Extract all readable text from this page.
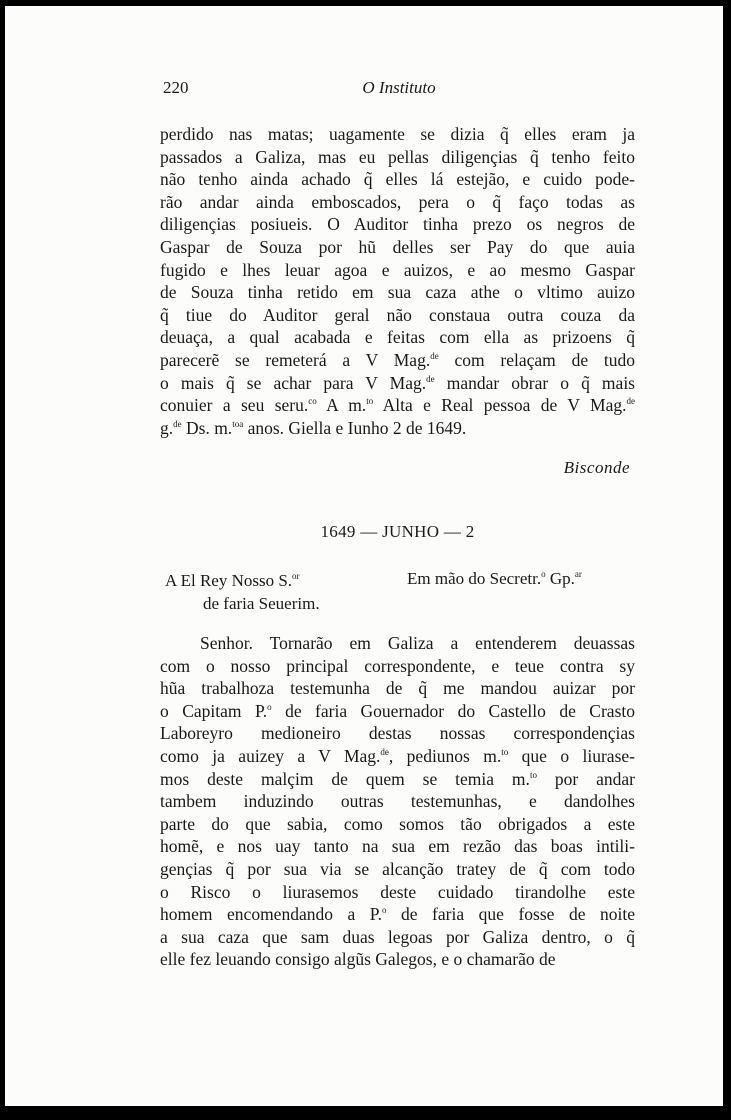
220	O Instituto
perdido nas matas; uagamente se dizia q̃ elles eram ja
passados a Galiza, mas eu pellas diligençias q̃ tenho feito
não tenho ainda achado q̃ elles lá estejão, e cuido pode-
rão andar ainda emboscados, pera o q̃ faço todas as
diligençias posiueis. O Auditor tinha prezo os negros de
Gaspar de Souza por hũ delles ser Pay do que auia
fugido e lhes leuar agoa e auizos, e ao mesmo Gaspar
de Souza tinha retido em sua caza athe o vltimo auizo
q̃ tiue do Auditor geral não constaua outra couza da
deuaça, a qual acabada e feitas com ella as prizoens q̃
parecerẽ se remeterá a V Mag.$^{de}$ com relaçam de tudo
o mais q̃ se achar para V Mag.$^{de}$ mandar obrar o q̃ mais
conuier a seu seru.$^{co}$ A m.$^{to}$ Alta e Real pessoa de V Mag.$^{de}$
g.$^{de}$ Ds. m.$^{toa}$ anos. Giella e Iunho 2 de 1649.
Bisconde
1649 — JUNHO — 2
A El Rey Nosso S.$^{or}$
de faria Seuerim.
Em mão do Secretr.$^o$ Gp.$^{ar}$
Senhor. Tornarão em Galiza a entenderem deuassas
com o nosso principal correspondente, e teue contra sy
hũa trabalhoza testemunha de q̃ me mandou auizar por
o Capitam P.$^o$ de faria Gouernador do Castello de Crasto
Laboreyro medioneiro destas nossas correspondençias
como ja auizey a V Mag.$^{de}$, pediunos m.$^{to}$ que o liurase-
mos deste malçim de quem se temia m.$^{to}$ por andar
tambem induzindo outras testemunhas, e dandolhes
parte do que sabia, como somos tão obrigados a este
homẽ, e nos uay tanto na sua em rezão das boas intili-
gençias q̃ por sua via se alcanção tratey de q̃ com todo
o Risco o liurasemos deste cuidado tirandolhe este
homem encomendando a P.$^o$ de faria que fosse de noite
a sua caza que sam duas legoas por Galiza dentro, o q̃
elle fez leuando consigo algũs Galegos, e o chamarão de
